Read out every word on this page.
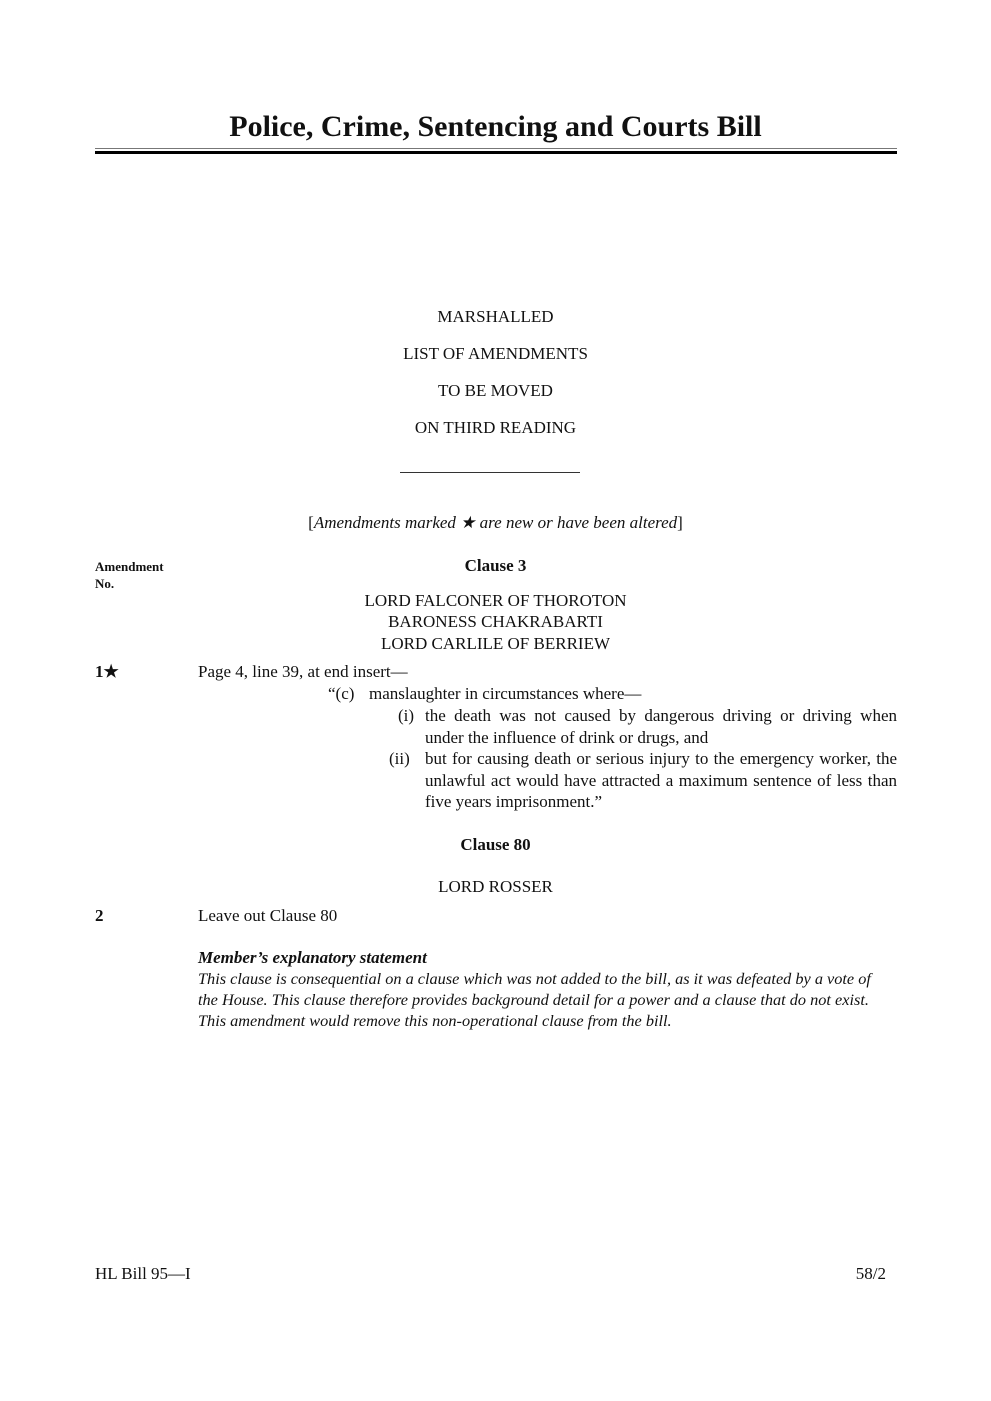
Police, Crime, Sentencing and Courts Bill
MARSHALLED
LIST OF AMENDMENTS
TO BE MOVED
ON THIRD READING
[Amendments marked ★ are new or have been altered]
Amendment
No.
Clause 3
LORD FALCONER OF THOROTON
BARONESS CHAKRABARTI
LORD CARLILE OF BERRIEW
1★	Page 4, line 39, at end insert—
“(c) manslaughter in circumstances where—
(i) the death was not caused by dangerous driving or driving when under the influence of drink or drugs, and
(ii) but for causing death or serious injury to the emergency worker, the unlawful act would have attracted a maximum sentence of less than five years imprisonment.”
Clause 80
LORD ROSSER
2	Leave out Clause 80
Member’s explanatory statement
This clause is consequential on a clause which was not added to the bill, as it was defeated by a vote of the House. This clause therefore provides background detail for a power and a clause that do not exist. This amendment would remove this non-operational clause from the bill.
HL Bill 95—I	58/2
